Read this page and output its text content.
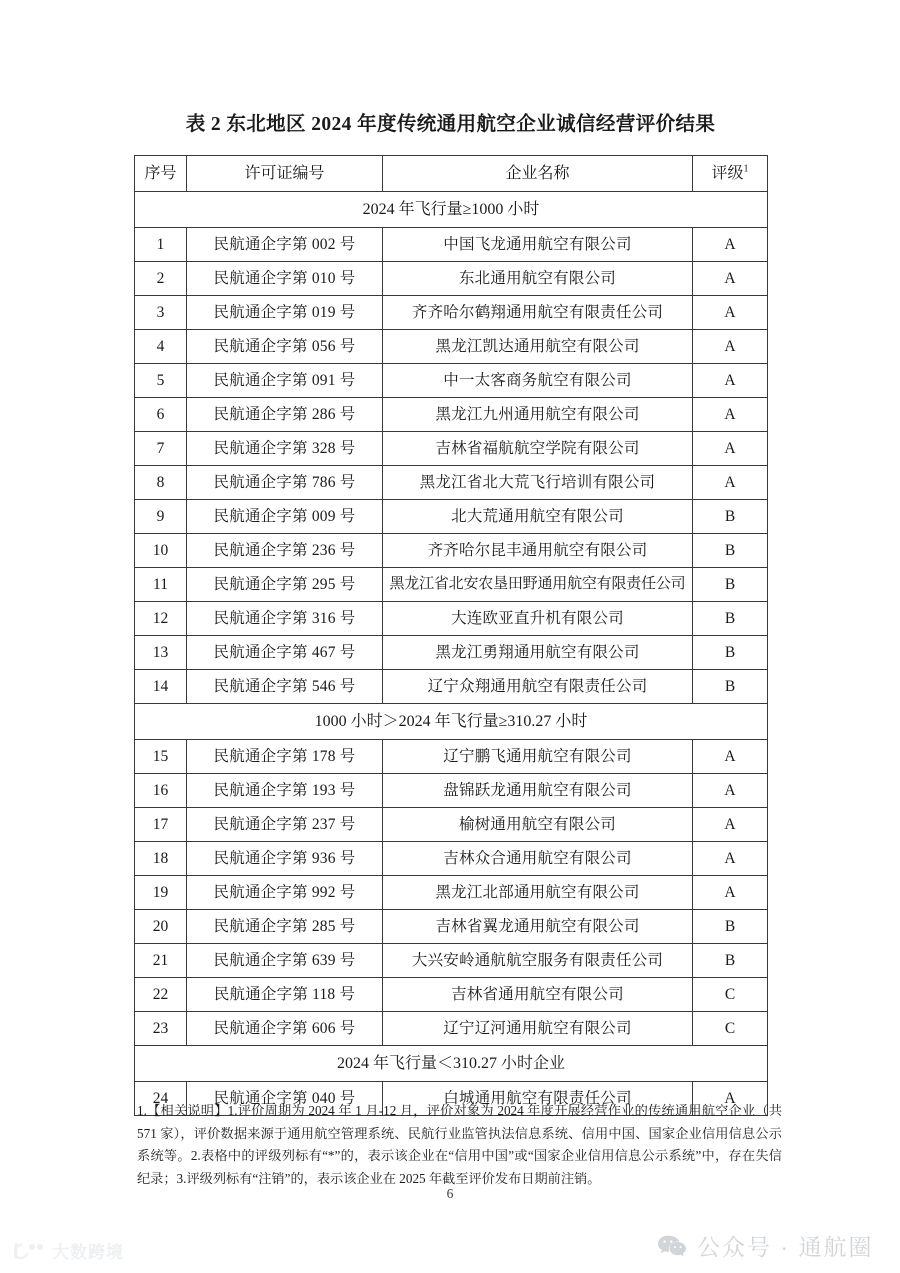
表 2 东北地区 2024 年度传统通用航空企业诚信经营评价结果
序号	许可证编号	企业名称	评级$^1$
2024 年飞行量≥1000 小时			
1	民航通企字第 002 号	中国飞龙通用航空有限公司	A
2	民航通企字第 010 号	东北通用航空有限公司	A
3	民航通企字第 019 号	齐齐哈尔鹤翔通用航空有限责任公司	A
4	民航通企字第 056 号	黑龙江凯达通用航空有限公司	A
5	民航通企字第 091 号	中一太客商务航空有限公司	A
6	民航通企字第 286 号	黑龙江九州通用航空有限公司	A
7	民航通企字第 328 号	吉林省福航航空学院有限公司	A
8	民航通企字第 786 号	黑龙江省北大荒飞行培训有限公司	A
9	民航通企字第 009 号	北大荒通用航空有限公司	B
10	民航通企字第 236 号	齐齐哈尔昆丰通用航空有限公司	B
11	民航通企字第 295 号	黑龙江省北安农垦田野通用航空有限责任公司	B
12	民航通企字第 316 号	大连欧亚直升机有限公司	B
13	民航通企字第 467 号	黑龙江勇翔通用航空有限公司	B
14	民航通企字第 546 号	辽宁众翔通用航空有限责任公司	B
1000 小时＞2024 年飞行量≥310.27 小时			
15	民航通企字第 178 号	辽宁鹏飞通用航空有限公司	A
16	民航通企字第 193 号	盘锦跃龙通用航空有限公司	A
17	民航通企字第 237 号	榆树通用航空有限公司	A
18	民航通企字第 936 号	吉林众合通用航空有限公司	A
19	民航通企字第 992 号	黑龙江北部通用航空有限公司	A
20	民航通企字第 285 号	吉林省翼龙通用航空有限公司	B
21	民航通企字第 639 号	大兴安岭通航航空服务有限责任公司	B
22	民航通企字第 118 号	吉林省通用航空有限公司	C
23	民航通企字第 606 号	辽宁辽河通用航空有限公司	C
2024 年飞行量＜310.27 小时企业			
24	民航通企字第 040 号	白城通用航空有限责任公司	A
1.【相关说明】1.评价周期为 2024 年 1 月-12 月，评价对象为 2024 年度开展经营作业的传统通用航空企业（共 571 家），评价数据来源于通用航空管理系统、民航行业监管执法信息系统、信用中国、国家企业信用信息公示系统等。2.表格中的评级列标有“*”的，表示该企业在“信用中国”或“国家企业信用信息公示系统”中，存在失信纪录；3.评级列标有“注销”的，表示该企业在 2025 年截至评价发布日期前注销。
6
大数跨境	公众号 · 通航圈
